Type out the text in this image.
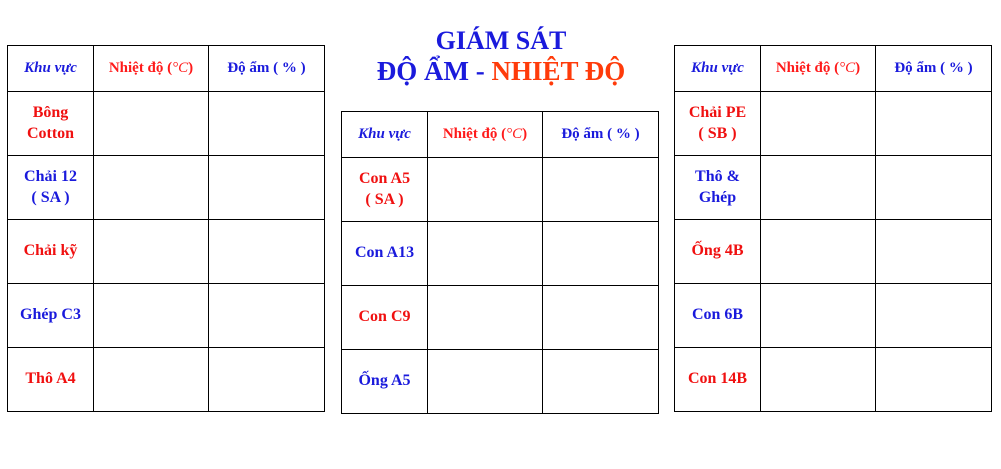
GIÁM SÁT
ĐỘ ẨM - NHIỆT ĐỘ
Khu vực	Nhiệt độ (°C)	Độ ẩm ( % )

Bông
Cotton		

Chải 12
( SA )		

Chải kỹ		

Ghép C3		

Thô A4		

Khu vực	Nhiệt độ (°C)	Độ ẩm ( % )

Con A5
( SA )		

Con A13		

Con C9		

Ống A5		

Khu vực	Nhiệt độ (°C)	Độ ẩm ( % )

Chải PE
( SB )		

Thô &
Ghép		

Ống 4B		

Con 6B		

Con 14B		
